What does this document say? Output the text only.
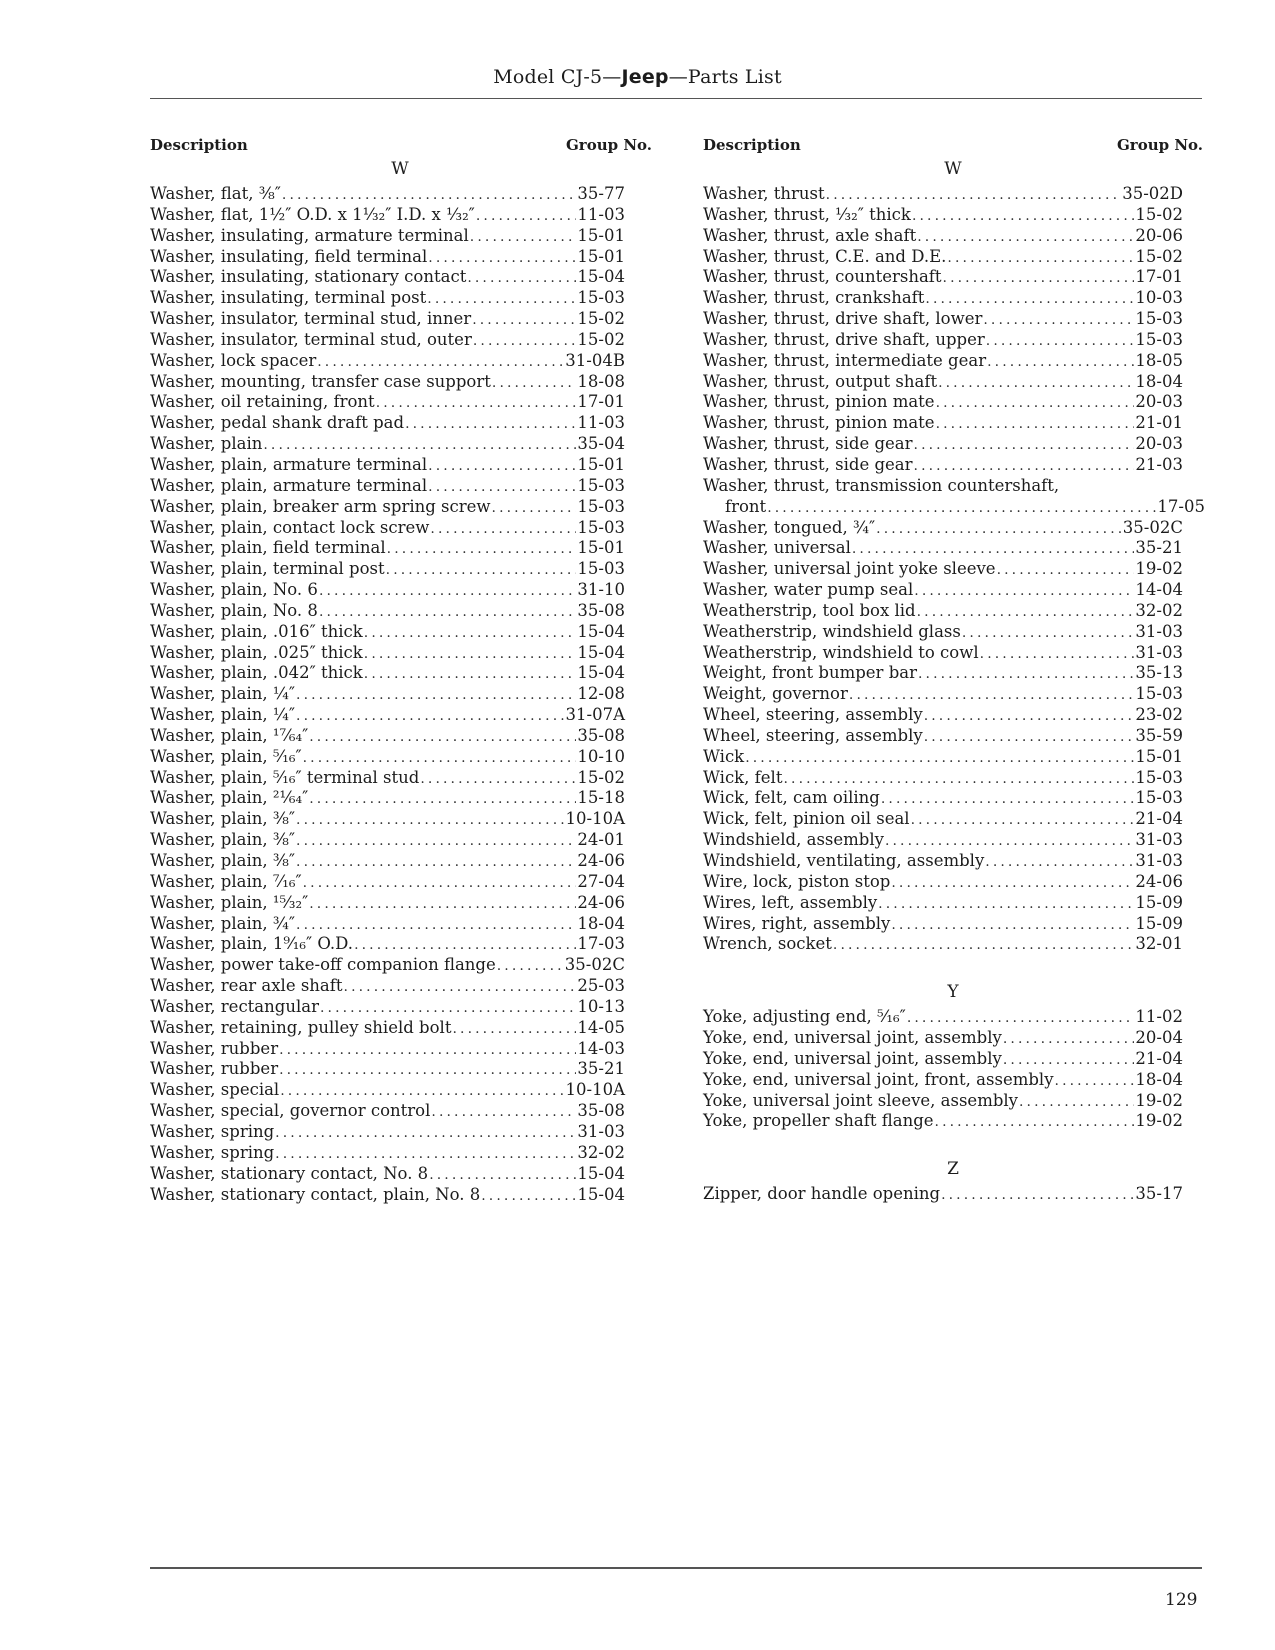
Model CJ-5—Jeep—Parts List
Description	Group No.
W
Washer, flat, ⅜″ .....	35-77
Washer, flat, 1½″ O.D. x 1¹⁄₃₂″ I.D. x ¹⁄₃₂″ .....	11-03
Washer, insulating, armature terminal .....	15-01
Washer, insulating, field terminal .....	15-01
Washer, insulating, stationary contact .....	15-04
Washer, insulating, terminal post .....	15-03
Washer, insulator, terminal stud, inner .....	15-02
Washer, insulator, terminal stud, outer .....	15-02
Washer, lock spacer .....	31-04B
Washer, mounting, transfer case support .....	18-08
Washer, oil retaining, front .....	17-01
Washer, pedal shank draft pad .....	11-03
Washer, plain .....	35-04
Washer, plain, armature terminal .....	15-01
Washer, plain, armature terminal .....	15-03
Washer, plain, breaker arm spring screw .....	15-03
Washer, plain, contact lock screw .....	15-03
Washer, plain, field terminal .....	15-01
Washer, plain, terminal post .....	15-03
Washer, plain, No. 6 .....	31-10
Washer, plain, No. 8 .....	35-08
Washer, plain, .016″ thick .....	15-04
Washer, plain, .025″ thick .....	15-04
Washer, plain, .042″ thick .....	15-04
Washer, plain, ¼″ .....	12-08
Washer, plain, ¼″ .....	31-07A
Washer, plain, ¹⁷⁄₆₄″ .....	35-08
Washer, plain, ⁵⁄₁₆″ .....	10-10
Washer, plain, ⁵⁄₁₆″ terminal stud .....	15-02
Washer, plain, ²¹⁄₆₄″ .....	15-18
Washer, plain, ⅜″ .....	10-10A
Washer, plain, ⅜″ .....	24-01
Washer, plain, ⅜″ .....	24-06
Washer, plain, ⁷⁄₁₆″ .....	27-04
Washer, plain, ¹⁵⁄₃₂″ .....	24-06
Washer, plain, ¾″ .....	18-04
Washer, plain, 1⁹⁄₁₆″ O.D. .....	17-03
Washer, power take-off companion flange .....	35-02C
Washer, rear axle shaft .....	25-03
Washer, rectangular .....	10-13
Washer, retaining, pulley shield bolt .....	14-05
Washer, rubber .....	14-03
Washer, rubber .....	35-21
Washer, special .....	10-10A
Washer, special, governor control .....	35-08
Washer, spring .....	31-03
Washer, spring .....	32-02
Washer, stationary contact, No. 8 .....	15-04
Washer, stationary contact, plain, No. 8 .....	15-04
Description	Group No.
W
Washer, thrust .....	35-02D
Washer, thrust, ¹⁄₃₂″ thick .....	15-02
Washer, thrust, axle shaft .....	20-06
Washer, thrust, C.E. and D.E. .....	15-02
Washer, thrust, countershaft .....	17-01
Washer, thrust, crankshaft .....	10-03
Washer, thrust, drive shaft, lower .....	15-03
Washer, thrust, drive shaft, upper .....	15-03
Washer, thrust, intermediate gear .....	18-05
Washer, thrust, output shaft .....	18-04
Washer, thrust, pinion mate .....	20-03
Washer, thrust, pinion mate .....	21-01
Washer, thrust, side gear .....	20-03
Washer, thrust, side gear .....	21-03
Washer, thrust, transmission countershaft,
front .....	17-05
Washer, tongued, ¾″ .....	35-02C
Washer, universal .....	35-21
Washer, universal joint yoke sleeve .....	19-02
Washer, water pump seal .....	14-04
Weatherstrip, tool box lid .....	32-02
Weatherstrip, windshield glass .....	31-03
Weatherstrip, windshield to cowl .....	31-03
Weight, front bumper bar .....	35-13
Weight, governor .....	15-03
Wheel, steering, assembly .....	23-02
Wheel, steering, assembly .....	35-59
Wick .....	15-01
Wick, felt .....	15-03
Wick, felt, cam oiling .....	15-03
Wick, felt, pinion oil seal .....	21-04
Windshield, assembly .....	31-03
Windshield, ventilating, assembly .....	31-03
Wire, lock, piston stop .....	24-06
Wires, left, assembly .....	15-09
Wires, right, assembly .....	15-09
Wrench, socket .....	32-01
Y
Yoke, adjusting end, ⁵⁄₁₆″ .....	11-02
Yoke, end, universal joint, assembly .....	20-04
Yoke, end, universal joint, assembly .....	21-04
Yoke, end, universal joint, front, assembly .....	18-04
Yoke, universal joint sleeve, assembly .....	19-02
Yoke, propeller shaft flange .....	19-02
Z
Zipper, door handle opening .....	35-17
129
